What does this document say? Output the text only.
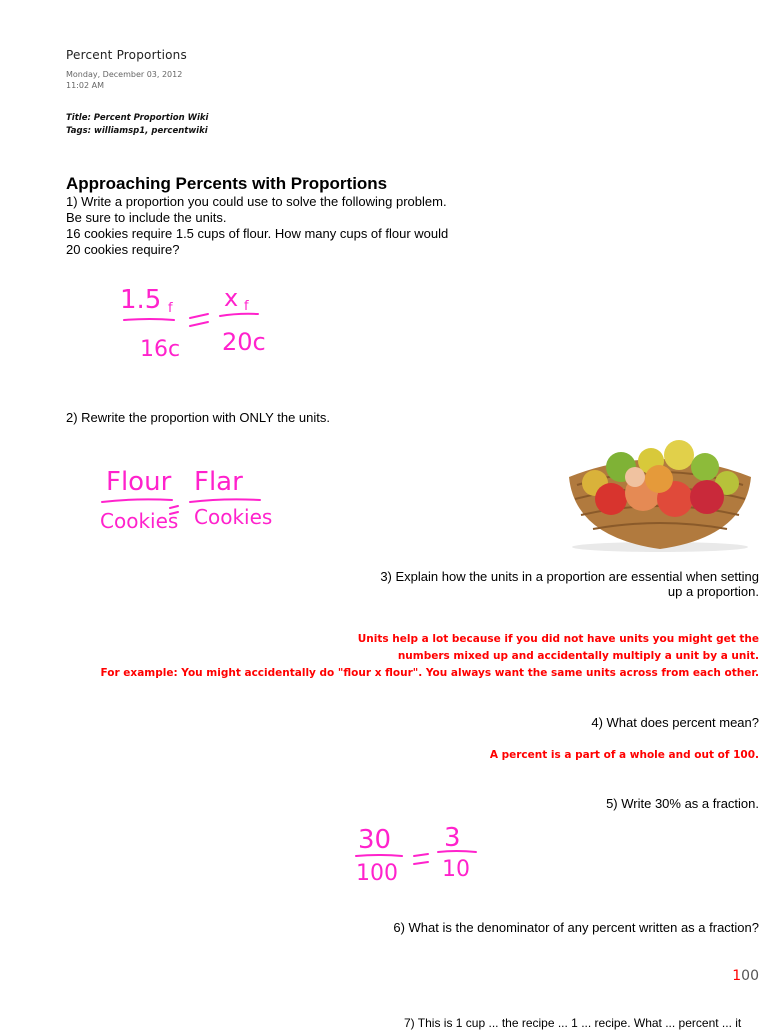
Percent Proportions
Monday, December 03, 2012
11:02 AM
Title: Percent Proportion Wiki
Tags: williamsp1, percentwiki
Approaching Percents with Proportions
1) Write a proportion you could use to solve the following problem.
Be sure to include the units.
16 cookies require 1.5 cups of flour. How many cups of flour would
20 cookies require?
1.5 f
16c
x f
20c
2) Rewrite the proportion with ONLY the units.
Flour
Cookies
Flar
Cookies
3) Explain how the units in a proportion are essential when setting
up a proportion.
Units help a lot because if you did not have units you might get the
numbers mixed up and accidentally multiply a unit by a unit.
For example: You might accidentally do "flour x flour". You always want the same units across from each other.
4) What does percent mean?
A percent is a part of a whole and out of 100.
5) Write 30% as a fraction.
30
100
3
10
6) What is the denominator of any percent written as a fraction?
100
7) This is 1 cup ... the recipe ... 1 ... recipe. What ... percent ... it
